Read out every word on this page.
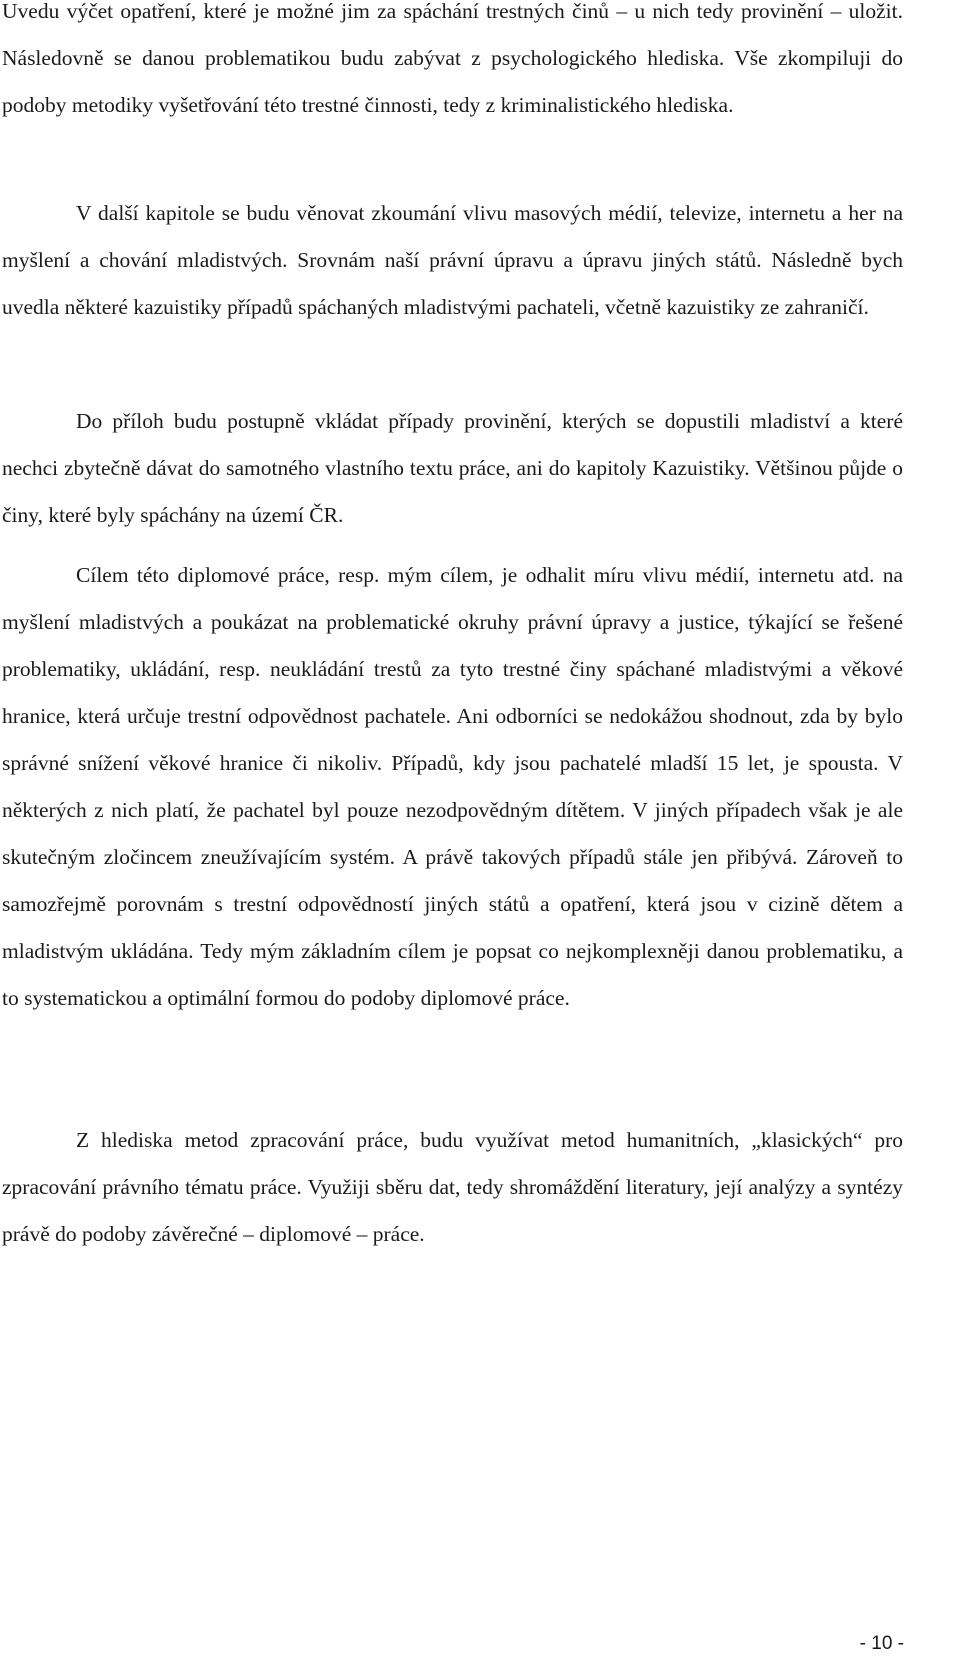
Uvedu výčet opatření, které je možné jim za spáchání trestných činů – u nich tedy provinění – uložit. Následovně se danou problematikou budu zabývat z psychologického hlediska. Vše zkompiluji do podoby metodiky vyšetřování této trestné činnosti, tedy z kriminalistického hlediska.

V další kapitole se budu věnovat zkoumání vlivu masových médií, televize, internetu a her na myšlení a chování mladistvých. Srovnám naší právní úpravu a úpravu jiných států. Následně bych uvedla některé kazuistiky případů spáchaných mladistvými pachateli, včetně kazuistiky ze zahraničí.

Do příloh budu postupně vkládat případy provinění, kterých se dopustili mladiství a které nechci zbytečně dávat do samotného vlastního textu práce, ani do kapitoly Kazuistiky. Většinou půjde o činy, které byly spáchány na území ČR.

Cílem této diplomové práce, resp. mým cílem, je odhalit míru vlivu médií, internetu atd. na myšlení mladistvých a poukázat na problematické okruhy právní úpravy a justice, týkající se řešené problematiky, ukládání, resp. neukládání trestů za tyto trestné činy spáchané mladistvými a věkové hranice, která určuje trestní odpovědnost pachatele. Ani odborníci se nedokážou shodnout, zda by bylo správné snížení věkové hranice či nikoliv. Případů, kdy jsou pachatelé mladší 15 let, je spousta. V některých z nich platí, že pachatel byl pouze nezodpovědným dítětem. V jiných případech však je ale skutečným zločincem zneužívajícím systém. A právě takových případů stále jen přibývá. Zároveň to samozřejmě porovnám s trestní odpovědností jiných států a opatření, která jsou v cizině dětem a mladistvým ukládána. Tedy mým základním cílem je popsat co nejkomplexněji danou problematiku, a to systematickou a optimální formou do podoby diplomové práce.

Z hlediska metod zpracování práce, budu využívat metod humanitních, „klasických“ pro zpracování právního tématu práce. Využiji sběru dat, tedy shromáždění literatury, její analýzy a syntézy právě do podoby závěrečné – diplomové – práce.

- 10 -
